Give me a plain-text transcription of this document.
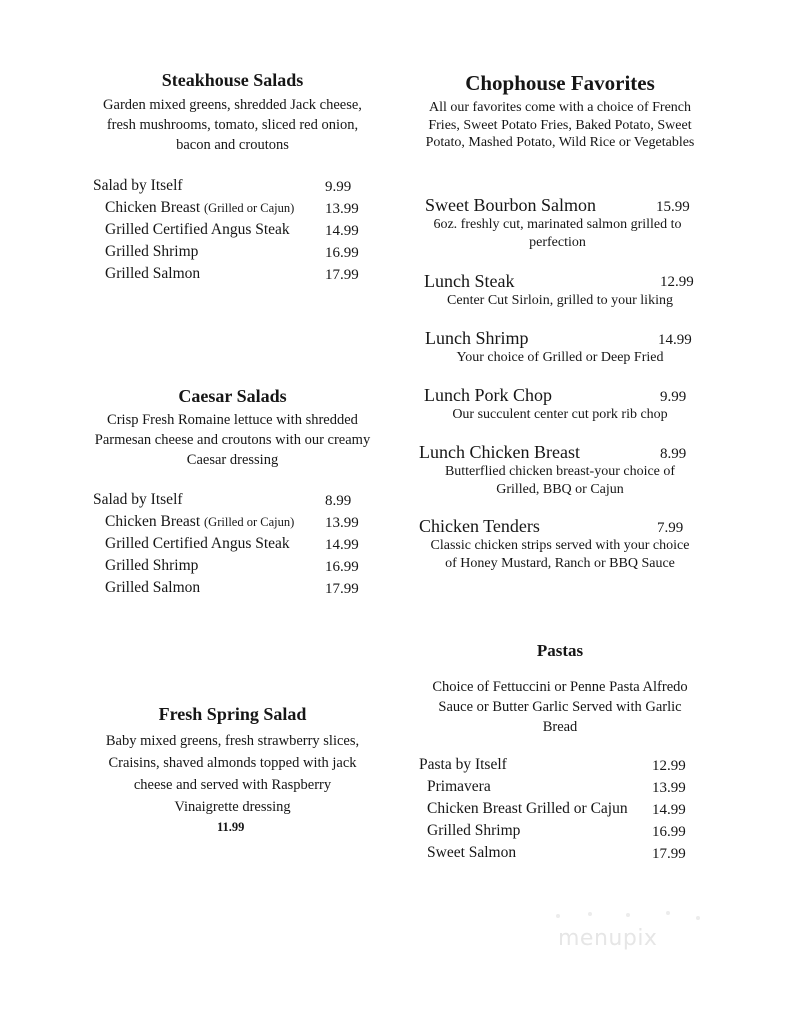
Steakhouse Salads
Garden mixed greens, shredded Jack cheese, fresh mushrooms, tomato, sliced red onion, bacon and croutons
Salad by Itself	9.99
Chicken Breast (Grilled or Cajun) 13.99
Grilled Certified Angus Steak 14.99
Grilled Shrimp	16.99
Grilled Salmon	17.99
Caesar Salads
Crisp Fresh Romaine lettuce with shredded Parmesan cheese and croutons with our creamy Caesar dressing
Salad by Itself	8.99
Chicken Breast (Grilled or Cajun) 13.99
Grilled Certified Angus Steak 14.99
Grilled Shrimp	16.99
Grilled Salmon	17.99
Fresh Spring Salad
Baby mixed greens, fresh strawberry slices, Craisins, shaved almonds topped with jack cheese and served with Raspberry Vinaigrette dressing
11.99
Chophouse Favorites
All our favorites come with a choice of French Fries, Sweet Potato Fries, Baked Potato, Sweet Potato, Mashed Potato, Wild Rice or Vegetables
Sweet Bourbon Salmon	15.99
6oz. freshly cut, marinated salmon grilled to perfection
Lunch Steak	12.99
Center Cut Sirloin, grilled to your liking
Lunch Shrimp	14.99
Your choice of Grilled or Deep Fried
Lunch Pork Chop	9.99
Our succulent center cut pork rib chop
Lunch Chicken Breast	8.99
Butterflied chicken breast-your choice of Grilled, BBQ or Cajun
Chicken Tenders	7.99
Classic chicken strips served with your choice of Honey Mustard, Ranch or BBQ Sauce
Pastas
Choice of Fettuccini or Penne Pasta Alfredo Sauce or Butter Garlic Served with Garlic Bread
Pasta by Itself	12.99
Primavera	13.99
Chicken Breast Grilled or Cajun 14.99
Grilled Shrimp	16.99
Sweet Salmon	17.99
menupix
